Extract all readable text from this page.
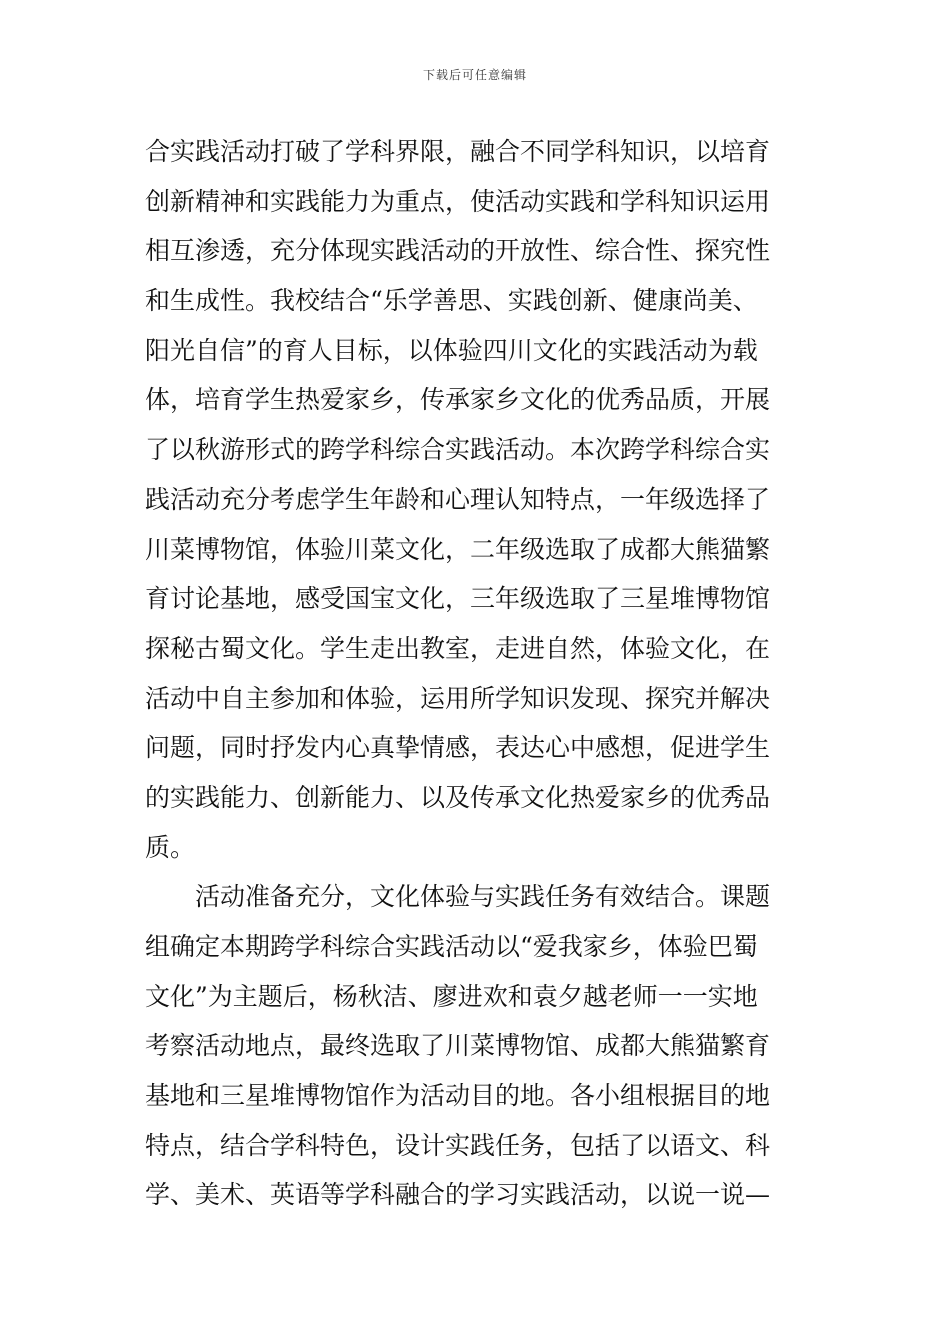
下载后可任意编辑
合实践活动打破了学科界限，融合不同学科知识，以培育
创新精神和实践能力为重点，使活动实践和学科知识运用
相互渗透，充分体现实践活动的开放性、综合性、探究性
和生成性。我校结合“乐学善思、实践创新、健康尚美、
阳光自信”的育人目标，以体验四川文化的实践活动为载
体，培育学生热爱家乡，传承家乡文化的优秀品质，开展
了以秋游形式的跨学科综合实践活动。本次跨学科综合实
践活动充分考虑学生年龄和心理认知特点，一年级选择了
川菜博物馆，体验川菜文化，二年级选取了成都大熊猫繁
育讨论基地，感受国宝文化，三年级选取了三星堆博物馆
探秘古蜀文化。学生走出教室，走进自然，体验文化，在
活动中自主参加和体验，运用所学知识发现、探究并解决
问题，同时抒发内心真挚情感，表达心中感想，促进学生
的实践能力、创新能力、以及传承文化热爱家乡的优秀品
质。
活动准备充分，文化体验与实践任务有效结合。课题
组确定本期跨学科综合实践活动以“爱我家乡，体验巴蜀
文化”为主题后，杨秋洁、廖进欢和袁夕越老师一一实地
考察活动地点，最终选取了川菜博物馆、成都大熊猫繁育
基地和三星堆博物馆作为活动目的地。各小组根据目的地
特点，结合学科特色，设计实践任务，包括了以语文、科
学、美术、英语等学科融合的学习实践活动，以说一说—
